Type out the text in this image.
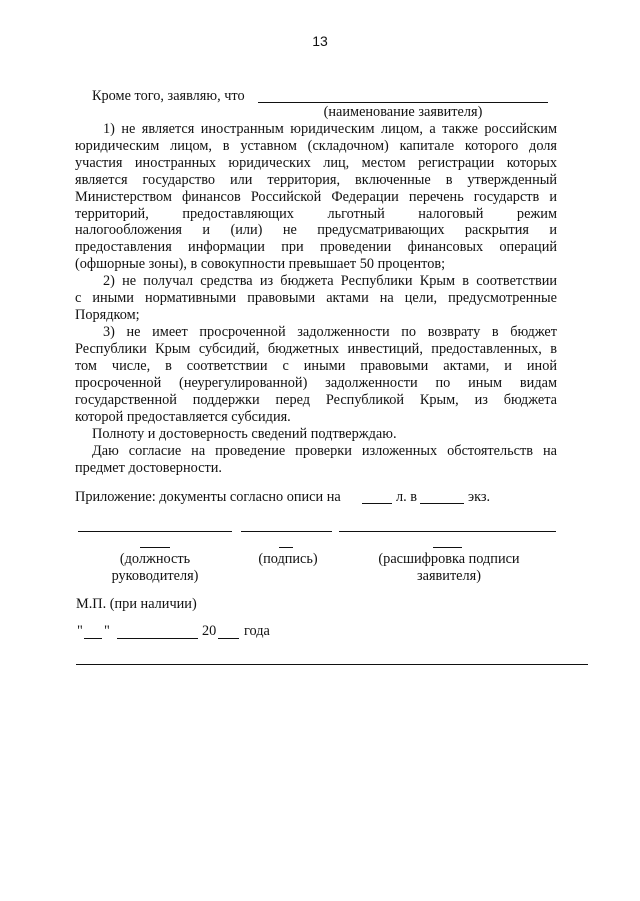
13
Кроме того, заявляю, что
(наименование заявителя)
1) не является иностранным юридическим лицом, а также российским
юридическим лицом, в уставном (складочном) капитале которого доля
участия иностранных юридических лиц, местом регистрации которых
является государство или территория, включенные в утвержденный
Министерством финансов Российской Федерации перечень государств и
территорий, предоставляющих льготный налоговый режим
налогообложения и (или) не предусматривающих раскрытия и
предоставления информации при проведении финансовых операций
(офшорные зоны), в совокупности превышает 50 процентов;
2) не получал средства из бюджета Республики Крым в соответствии
с иными нормативными правовыми актами на цели, предусмотренные
Порядком;
3) не имеет просроченной задолженности по возврату в бюджет
Республики Крым субсидий, бюджетных инвестиций, предоставленных, в
том числе, в соответствии с иными правовыми актами, и иной
просроченной (неурегулированной) задолженности по иным видам
государственной поддержки перед Республикой Крым, из бюджета
которой предоставляется субсидия.
Полноту и достоверность сведений подтверждаю.
Даю согласие на проведение проверки изложенных обстоятельств на
предмет достоверности.
Приложение: документы согласно описи на	л. в	экз.
(должность
руководителя)
(подпись)	(расшифровка подписи
заявителя)
М.П. (при наличии)
" "	20 года
